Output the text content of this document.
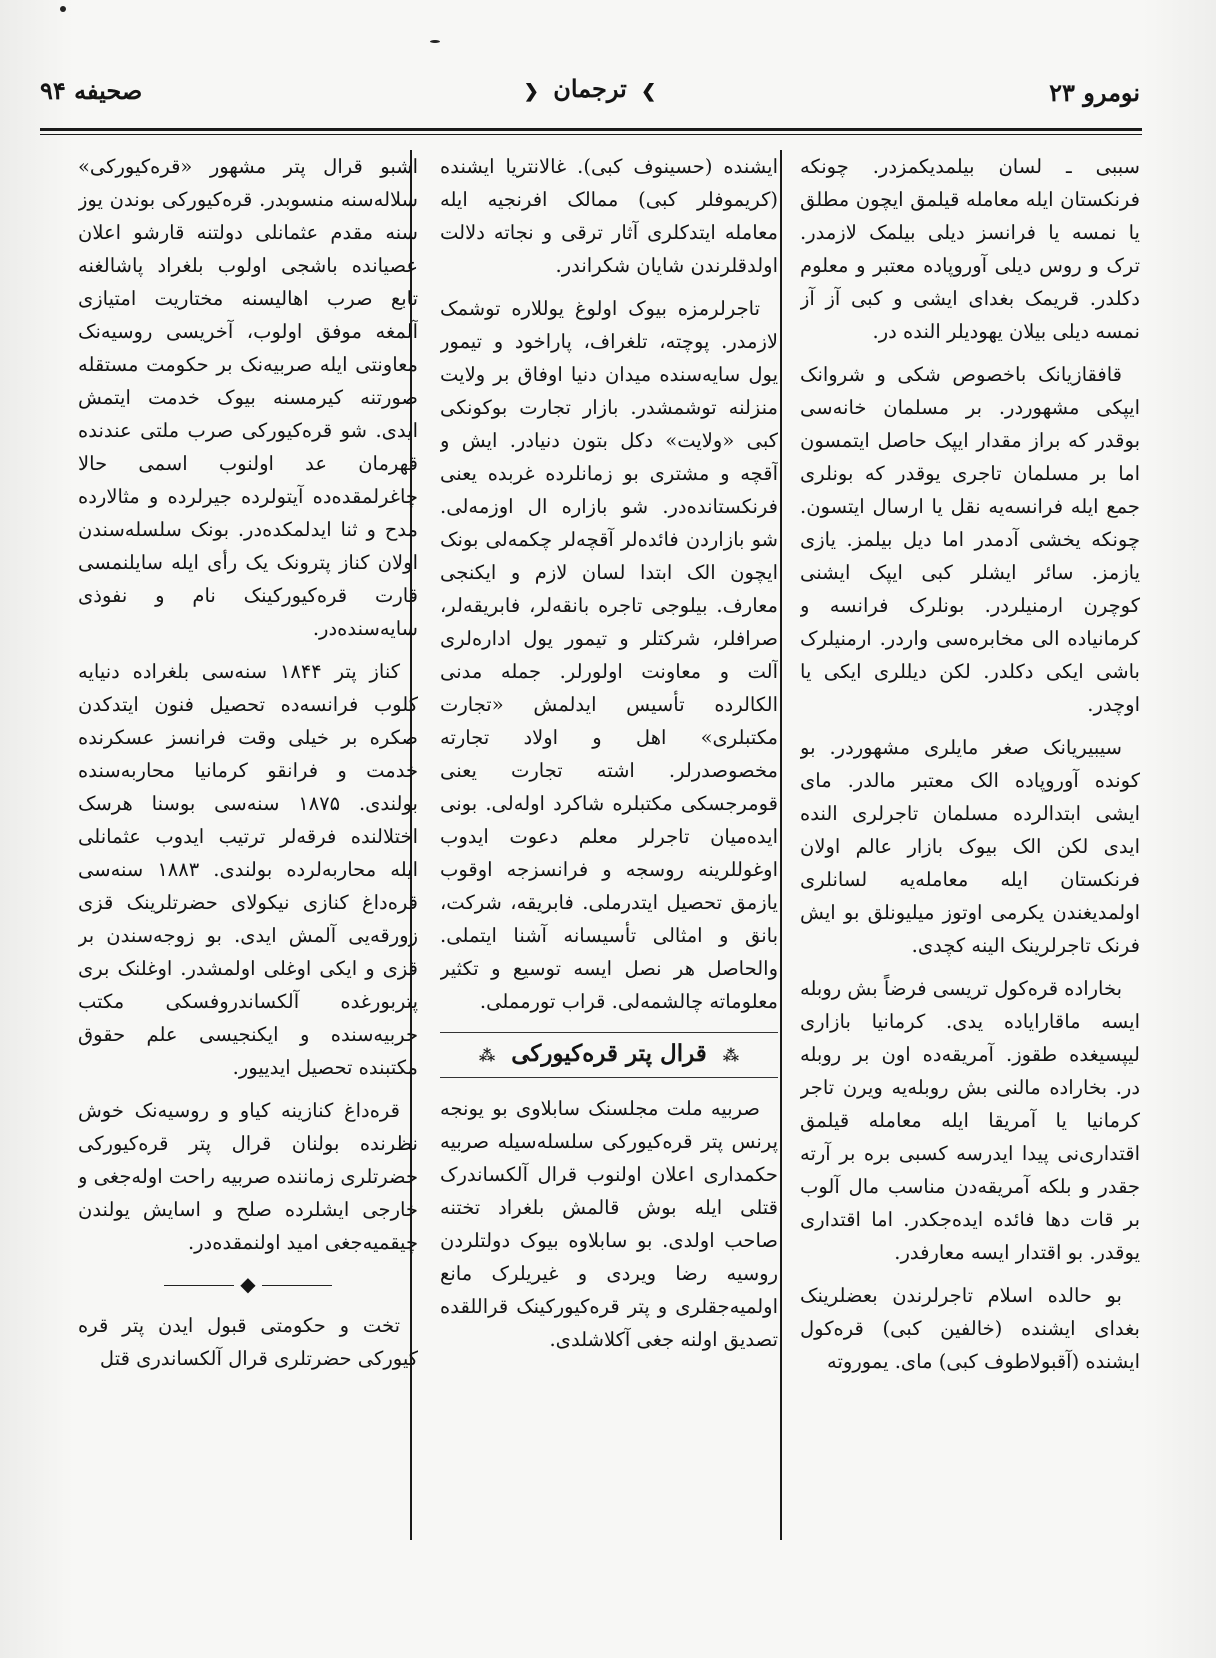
نومرو ۲۳
❯ ترجمان ❮
صحیفه ۹۴

سببی ـ لسان بیلمدیکمزدر. چونکه فرنکستان ایله معامله قیلمق ایچون مطلق یا نمسه یا فرانسز دیلی بیلمک لازمدر. ترک و روس دیلی آوروپاده معتبر و معلوم دکلدر. قریمک بغدای ایشی و کبی آز آز نمسه دیلی بیلان یهودیلر الندە در.

قافقازیانک باخصوص شکی و شروانک ایپکی مشهوردر. بر مسلمان خانه‌سی بوقدر که براز مقدار ایپک حاصل ایتمسون اما بر مسلمان تاجری یوقدر که بونلری جمع ایله فرانسه‌یه نقل یا ارسال ایتسون. چونکه یخشی آدمدر اما دیل بیلمز. یازی یازمز. سائر ایشلر کبی ایپک ایشنی کوچرن ارمنیلردر. بونلرک فرانسه و کرمانیاده الی مخابره‌سی واردر. ارمنیلرک باشی ایکی دکلدر. لکن دیللری ایکی یا اوچدر.

سیبیریانک صغر مایلری مشهوردر. بو کونده آوروپاده الک معتبر مالدر. مای ایشی ابتدالرده مسلمان تاجرلری الندە ایدی لکن الک بیوک بازار عالم اولان فرنکستان ایله معامله‌یه لسانلری اولمدیغندن یکرمی اوتوز میلیونلق بو ایش فرنک تاجرلرینک الینه کچدی.

بخاراده قره‌کول تریسی فرضاً بش روبله ایسه ماقارایاده یدی. کرمانیا بازاری لیپسیغده طقوز. آمریقه‌ده اون بر روبله در. بخاراده مالنی بش روبله‌یه ویرن تاجر کرمانیا یا آمریقا ایله معامله قیلمق اقتداری‌نی پیدا ایدرسه کسبی بره بر آرته جقدر و بلکه آمریقه‌دن مناسب مال آلوب بر قات دها فائده ایده‌جکدر. اما اقتداری یوقدر. بو اقتدار ایسه معارفدر.

بو حالده اسلام تاجرلرندن بعضلرینک بغدای ایشنده (خالفین کبی) قره‌کول ایشنده (آقبولاطوف کبی) مای. یموروته

ایشنده (حسینوف کبی). غالانتریا ایشنده (کریموفلر کبی) ممالک افرنجیه ایله معامله ایتدکلری آثار ترقی و نجاته دلالت اولدقلرندن شایان شکراندر.

تاجرلرمزه بیوک اولوغ یوللاره توشمک لازمدر. پوچته، تلغراف، پاراخود و تیمور یول سایه‌سنده میدان دنیا اوفاق بر ولایت منزلنه توشمشدر. بازار تجارت بوکونکی کبی «ولایت» دکل بتون دنیادر. ایش و آقچه و مشتری بو زمانلرده غربده یعنی فرنکستانده‌در. شو بازاره ال اوزمه‌لی. شو بازاردن فائده‌لر آقچه‌لر چکمه‌لی بونک ایچون الک ابتدا لسان لازم و ایکنجی معارف. بیلوجی تاجره بانقه‌لر، فابریقه‌لر، صرافلر، شرکتلر و تیمور یول اداره‌لری آلت و معاونت اولورلر. جمله مدنی الکالرده تأسیس ایدلمش «تجارت مکتبلری» اهل و اولاد تجارته مخصوصدرلر. اشته تجارت یعنی قومرجسکی مکتبلره شاکرد اوله‌لی. بونی ایده‌میان تاجرلر معلم دعوت ایدوب اوغوللرینه روسجه و فرانسزجه اوقوب یازمق تحصیل ایتدرملی. فابریقه، شرکت، بانق و امثالی تأسیسانه آشنا ایتملی. والحاصل هر نصل ایسه توسیع و تکثیر معلوماته چالشمه‌لی. قراب تورمملی.

⁂ قرال پتر قره‌کیورکی ⁂

صربیه ملت مجلسنک سابلاوی بو یونجه پرنس پتر قره‌کیورکی سلسله‌سیله صربیه حکمداری اعلان اولنوب قرال آلکساندرک قتلی ایله بوش قالمش بلغراد تختنه صاحب اولدی. بو سابلاوه بیوک دولتلردن روسیه رضا ویردی و غیریلرک مانع اولمیه‌جقلری و پتر قره‌کیورکینک قراللقده تصدیق اولنه جغی آکلاشلدی.

اشبو قرال پتر مشهور «قره‌کیورکی» سلاله‌سنه منسوبدر. قره‌کیورکی بوندن یوز سنه مقدم عثمانلی دولتنه قارشو اعلان عصیانده باشجی اولوب بلغراد پاشالغنه تابع صرب اهالیسنه مختاریت امتیازی آلمغه موفق اولوب، آخریسی روسیه‌نک معاونتی ایله صربیه‌نک بر حکومت مستقله صورتنه کیرمسنه بیوک خدمت ایتمش ایدی. شو قره‌کیورکی صرب ملتی عندنده قهرمان عد اولنوب اسمی حالا چاغرلمقده‌ده آیتولرده جیرلرده و مثالارده مدح و ثنا ایدلمکده‌در. بونک سلسله‌سندن اولان کناز پترونک یک رأی ایله سایلنمسی قارت قره‌کیورکینک نام و نفوذی سایه‌سنده‌در.

کناز پتر ۱۸۴۴ سنه‌سی بلغراده دنیایه کلوب فرانسه‌ده تحصیل فنون ایتدکدن صکره بر خیلی وقت فرانسز عسکرنده خدمت و فرانقو کرمانیا محاربه‌سنده بولندی. ۱۸۷۵ سنه‌سی بوسنا هرسک اختلالنده فرقه‌لر ترتیب ایدوب عثمانلی ایله محاربه‌لرده بولندی. ۱۸۸۳ سنه‌سی قره‌داغ کنازی نیکولای حضرتلرینک قزی زورقه‌یی آلمش ایدی. بو زوجه‌سندن بر قزی و ایکی اوغلی اولمشدر. اوغلنک بری پتربورغده آلکساندروفسکی مکتب حربیه‌سنده و ایکنجیسی علم حقوق مکتبنده تحصیل ایدییور.

قره‌داغ کنازینه کیاو و روسیه‌نک خوش نظرنده بولنان قرال پتر قره‌کیورکی حضرتلری زماننده صربیه راحت اوله‌جغی و خارجی ایشلرده صلح و اسایش یولندن چیقمیه‌جغی امید اولنمقده‌در.

◆

تخت و حکومتی قبول ایدن پتر قره کیورکی حضرتلری قرال آلکساندری قتل
